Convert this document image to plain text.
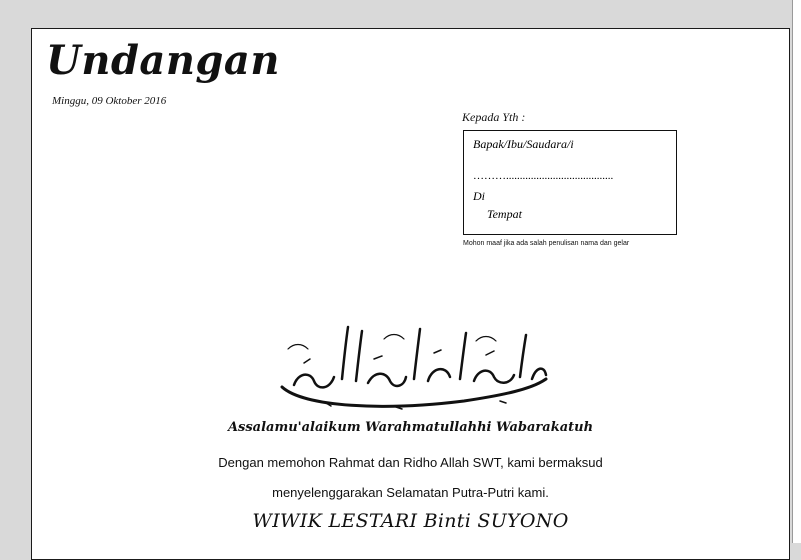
Undangan
Minggu, 09 Oktober 2016
Kepada Yth :
Bapak/Ibu/Saudara/i
……….......................................
Di
Tempat
Mohon maaf jika ada salah penulisan nama dan gelar
Assalamu'alaikum Warahmatullahhi Wabarakatuh
Dengan memohon Rahmat dan Ridho Allah SWT, kami bermaksud
menyelenggarakan Selamatan Putra-Putri kami.
WIWIK LESTARI Binti SUYONO
